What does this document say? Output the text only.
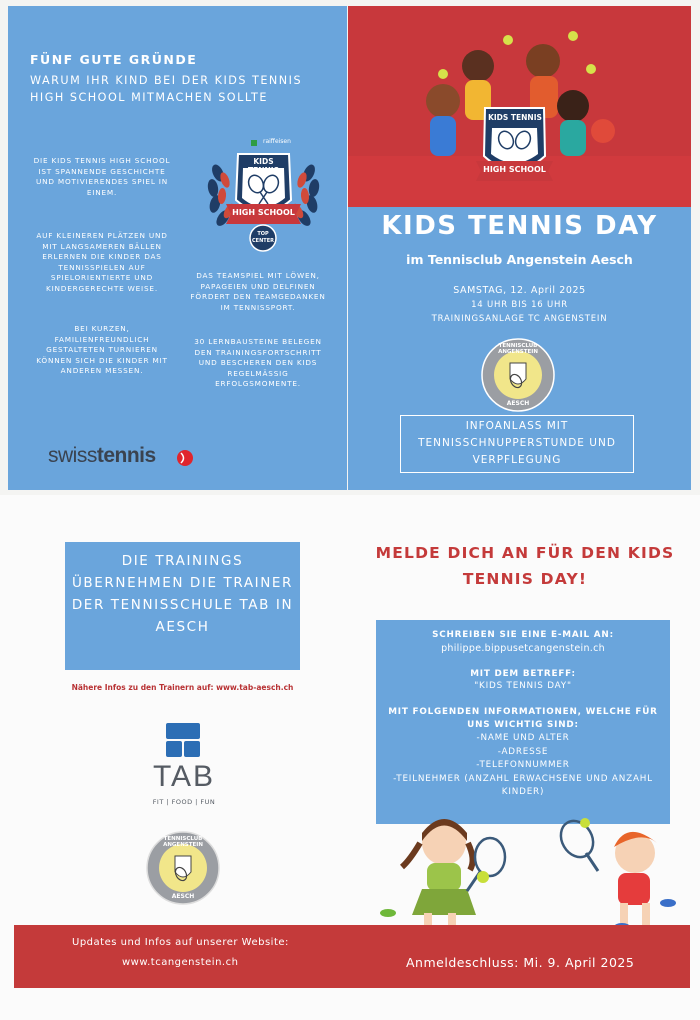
FÜNF GUTE GRÜNDE
WARUM IHR KIND BEI DER KIDS TENNIS HIGH SCHOOL MITMACHEN SOLLTE
DIE KIDS TENNIS HIGH SCHOOL IST SPANNENDE GESCHICHTE UND MOTIVIERENDES SPIEL IN EINEM.
AUF KLEINEREN PLÄTZEN UND MIT LANGSAMEREN BÄLLEN ERLERNEN DIE KINDER DAS TENNISSPIELEN AUF SPIELORIENTIERTE UND KINDERGERECHTE WEISE.
BEI KURZEN, FAMILIENFREUNDLICH GESTALTETEN TURNIEREN KÖNNEN SICH DIE KINDER MIT ANDEREN MESSEN.
DAS TEAMSPIEL MIT LÖWEN, PAPAGEIEN UND DELFINEN FÖRDERT DEN TEAMGEDANKEN IM TENNISSPORT.
30 LERNBAUSTEINE BELEGEN DEN TRAININGSFORTSCHRITT UND BESCHEREN DEN KIDS REGELMÄSSIG ERFOLGSMOMENTE.
raiffeisen
KIDS TENNIS
HIGH SCHOOL
TOP
CENTER
swisstennis
KIDS TENNIS
HIGH SCHOOL
KIDS TENNIS DAY
im Tennisclub Angenstein Aesch
SAMSTAG, 12. April 2025
14 UHR BIS 16 UHR
TRAININGSANLAGE TC ANGENSTEIN
TENNISCLUB ANGENSTEIN
AESCH
INFOANLASS MIT TENNISSCHNUPPERSTUNDE UND VERPFLEGUNG
DIE TRAININGS ÜBERNEHMEN DIE TRAINER DER TENNISSCHULE TAB IN AESCH
Nähere Infos zu den Trainern auf: www.tab-aesch.ch
TAB
FIT | FOOD | FUN
TENNISCLUB ANGENSTEIN
AESCH
MELDE DICH AN FÜR DEN KIDS TENNIS DAY!
SCHREIBEN SIE EINE E-MAIL AN:
philippe.bippusetcangenstein.ch
MIT DEM BETREFF:
"KIDS TENNIS DAY"
MIT FOLGENDEN INFORMATIONEN, WELCHE FÜR UNS WICHTIG SIND:
-NAME UND ALTER
-ADRESSE
-TELEFONNUMMER
-TEILNEHMER (ANZAHL ERWACHSENE UND ANZAHL KINDER)
Updates und Infos auf unserer Website:
www.tcangenstein.ch	Anmeldeschluss: Mi. 9. April 2025
